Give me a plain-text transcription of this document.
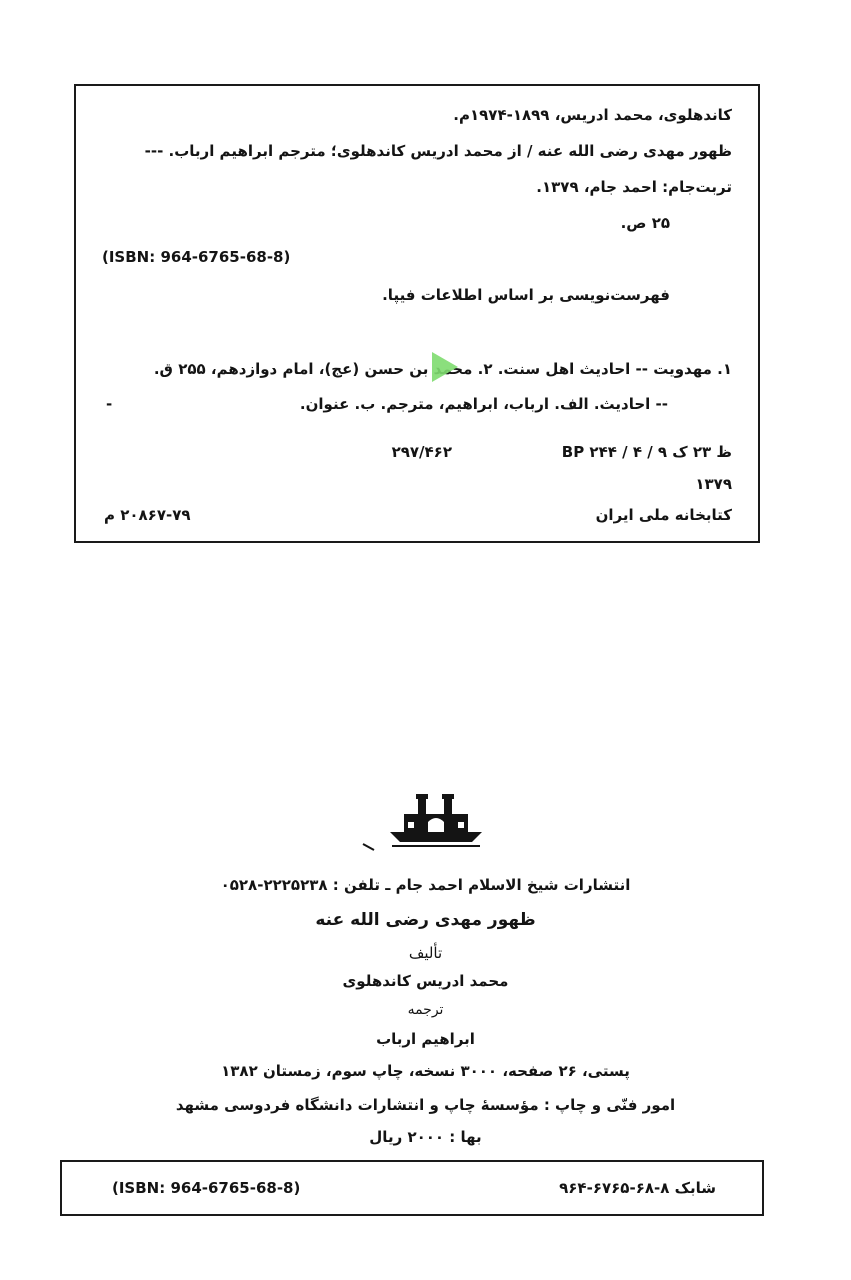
کاندهلوی، محمد ادریس، ۱۸۹۹-۱۹۷۴م.
ظهور مهدی رضی الله عنه / از محمد ادریس کاندهلوی؛ مترجم ابراهیم ارباب. ---
تربت‌جام: احمد جام، ۱۳۷۹.
۲۵ ص.
(ISBN: 964-6765-68-8)
فهرست‌نویسی بر اساس اطلاعات فیپا.
۱. مهدویت -- احادیث اهل سنت. ۲. محمد بن حسن (عج)، امام دوازدهم، ۲۵۵ ق.
-- احادیث. الف. ارباب، ابراهیم، مترجم. ب. عنوان.
-
BP ۲۴۴ / ۴ / ۹ ظ ۲۳ ک
۲۹۷/۴۶۲
۱۳۷۹
کتابخانه ملی ایران
۲۰۸۶۷-۷۹ م
انتشارات شیخ الاسلام احمد جام ـ تلفن : ۲۲۲۵۲۳۸-۰۵۲۸
ظهور مهدی رضی الله عنه
تألیف
محمد ادریس کاندهلوی
ترجمه
ابراهیم ارباب
پستی، ۲۶ صفحه، ۳۰۰۰ نسخه، چاپ سوم، زمستان ۱۳۸۲
امور فنّی و چاپ : مؤسسهٔ چاپ و انتشارات دانشگاه فردوسی مشهد
بها : ۲۰۰۰ ریال
(ISBN: 964-6765-68-8)	شابک ۸-۶۸-۶۷۶۵-۹۶۴
